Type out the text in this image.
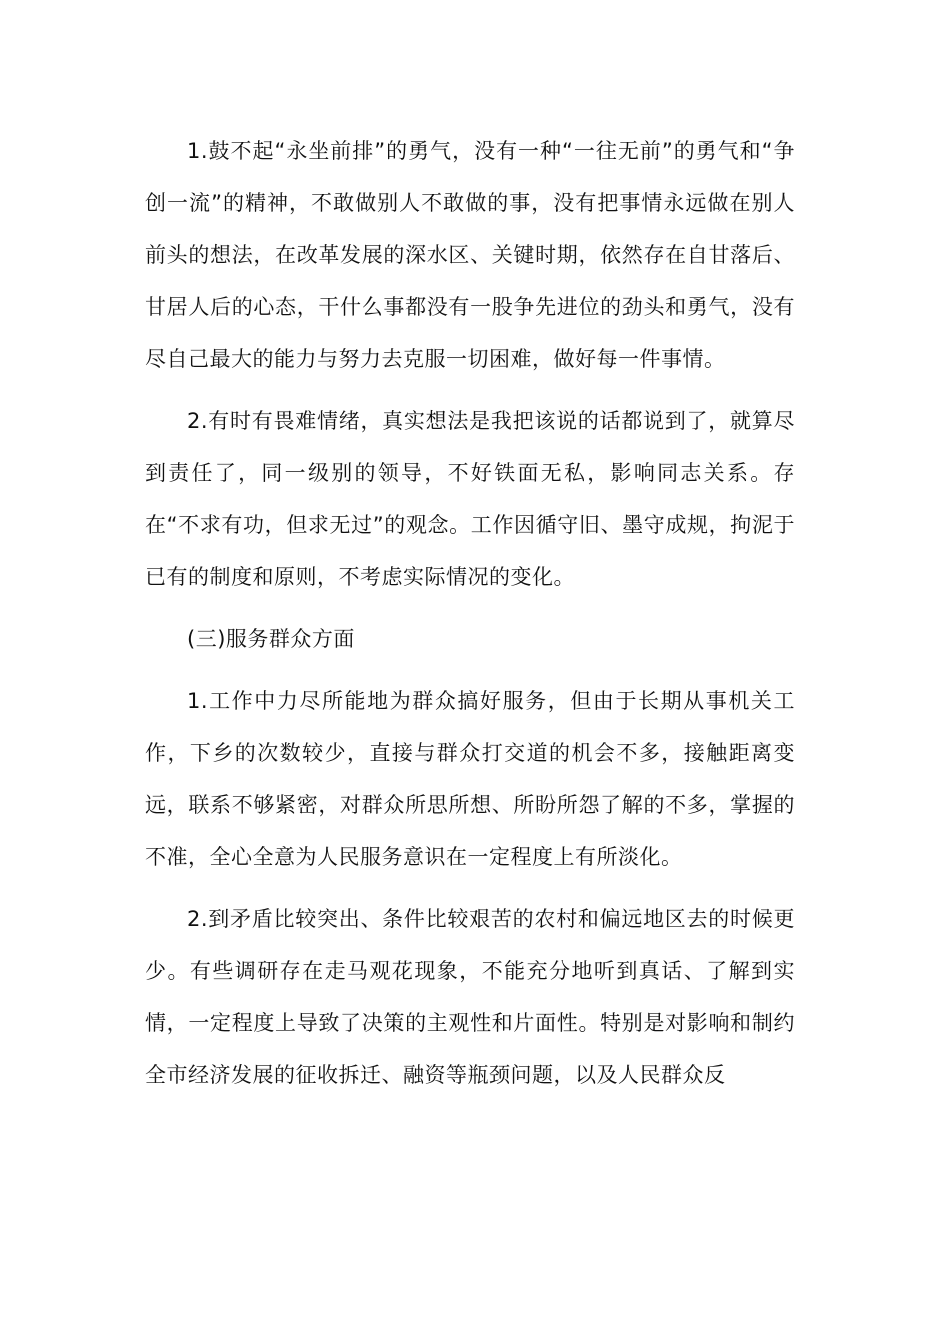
1.鼓不起“永坐前排”的勇气，没有一种“一往无前”的勇气和“争创一流”的精神，不敢做别人不敢做的事，没有把事情永远做在别人前头的想法，在改革发展的深水区、关键时期，依然存在自甘落后、甘居人后的心态，干什么事都没有一股争先进位的劲头和勇气，没有尽自己最大的能力与努力去克服一切困难，做好每一件事情。

2.有时有畏难情绪，真实想法是我把该说的话都说到了，就算尽到责任了，同一级别的领导，不好铁面无私，影响同志关系。存在“不求有功，但求无过”的观念。工作因循守旧、墨守成规，拘泥于已有的制度和原则，不考虑实际情况的变化。

(三)服务群众方面

1.工作中力尽所能地为群众搞好服务，但由于长期从事机关工作，下乡的次数较少，直接与群众打交道的机会不多，接触距离变远，联系不够紧密，对群众所思所想、所盼所怨了解的不多，掌握的不准，全心全意为人民服务意识在一定程度上有所淡化。

2.到矛盾比较突出、条件比较艰苦的农村和偏远地区去的时候更少。有些调研存在走马观花现象，不能充分地听到真话、了解到实情，一定程度上导致了决策的主观性和片面性。特别是对影响和制约全市经济发展的征收拆迁、融资等瓶颈问题，以及人民群众反
